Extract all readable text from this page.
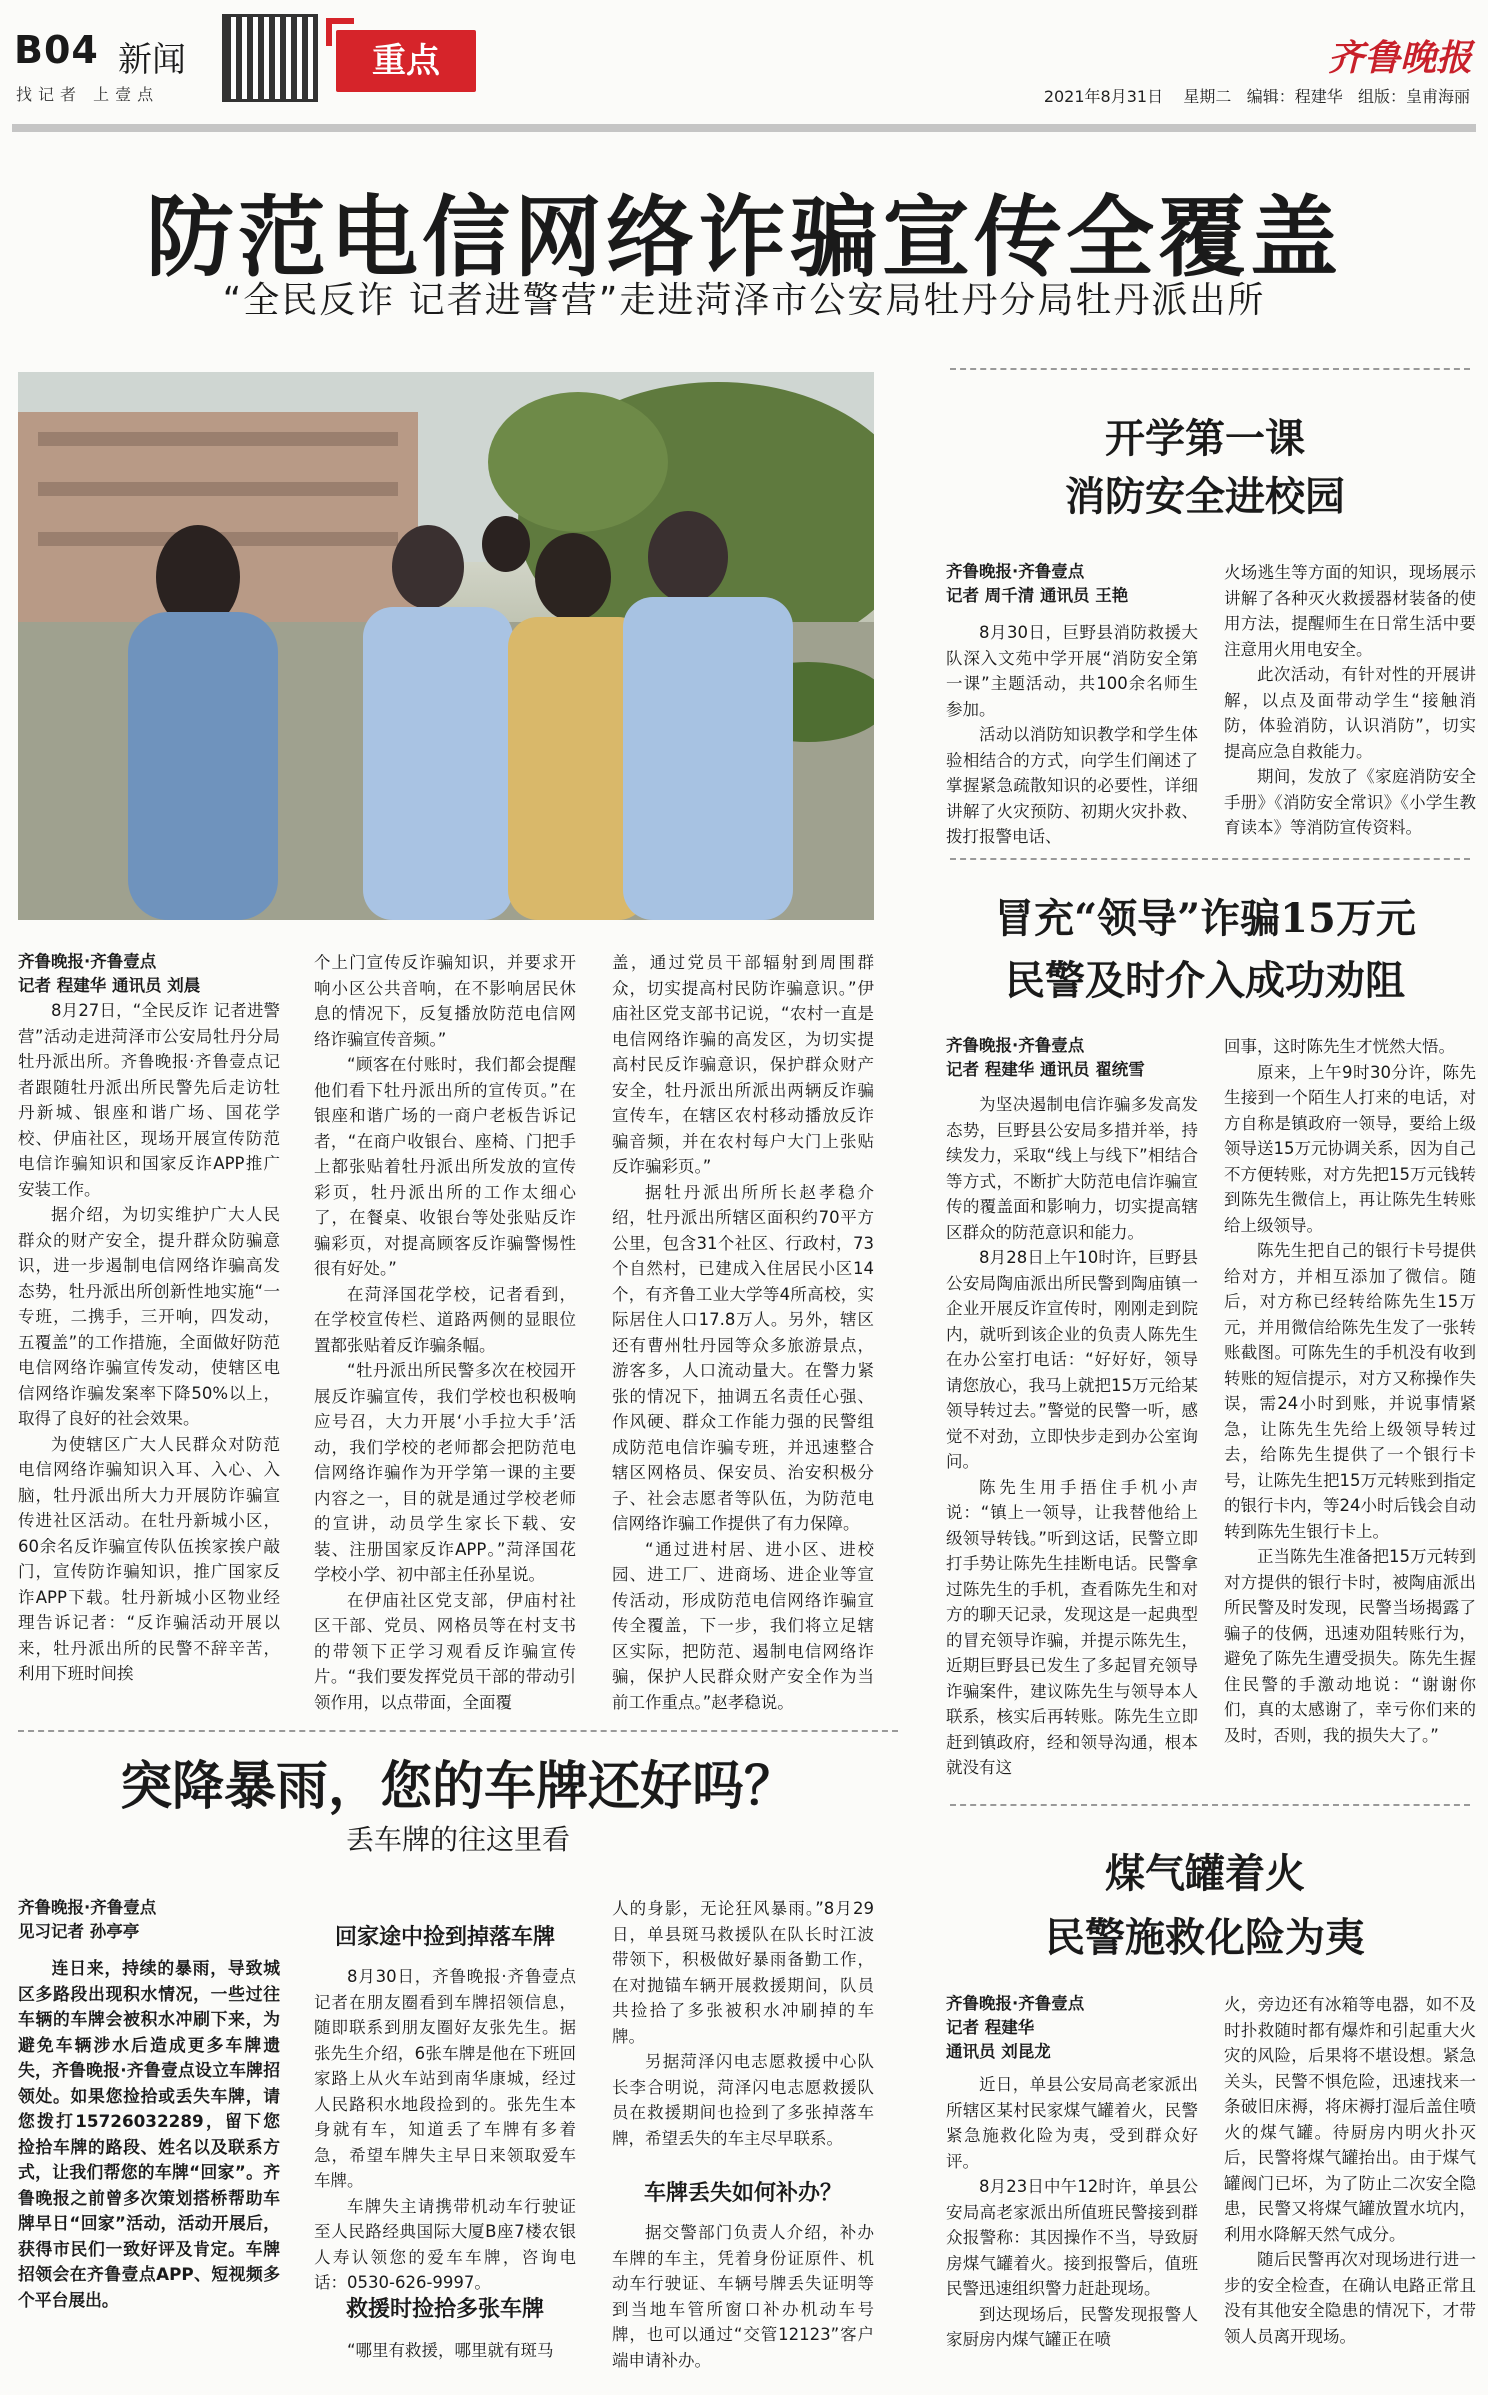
B04 新闻
找记者 上壹点
重点	齐鲁晚报
2021年8月31日 星期二 编辑：程建华 组版：皇甫海丽
防范电信网络诈骗宣传全覆盖
“全民反诈 记者进警营”走进菏泽市公安局牡丹分局牡丹派出所
齐鲁晚报·齐鲁壹点
记者 程建华 通讯员 刘晨

8月27日，“全民反诈 记者进警营”活动走进菏泽市公安局牡丹分局牡丹派出所。齐鲁晚报·齐鲁壹点记者跟随牡丹派出所民警先后走访牡丹新城、银座和谐广场、国花学校、伊庙社区，现场开展宣传防范电信诈骗知识和国家反诈APP推广安装工作。

据介绍，为切实维护广大人民群众的财产安全，提升群众防骗意识，进一步遏制电信网络诈骗高发态势，牡丹派出所创新性地实施“一专班，二携手，三开响，四发动，五覆盖”的工作措施，全面做好防范电信网络诈骗宣传发动，使辖区电信网络诈骗发案率下降50%以上，取得了良好的社会效果。

为使辖区广大人民群众对防范电信网络诈骗知识入耳、入心、入脑，牡丹派出所大力开展防诈骗宣传进社区活动。在牡丹新城小区，60余名反诈骗宣传队伍挨家挨户敲门，宣传防诈骗知识，推广国家反诈APP下载。牡丹新城小区物业经理告诉记者：“反诈骗活动开展以来，牡丹派出所的民警不辞辛苦，利用下班时间挨

个上门宣传反诈骗知识，并要求开响小区公共音响，在不影响居民休息的情况下，反复播放防范电信网络诈骗宣传音频。”

“顾客在付账时，我们都会提醒他们看下牡丹派出所的宣传页。”在银座和谐广场的一商户老板告诉记者，“在商户收银台、座椅、门把手上都张贴着牡丹派出所发放的宣传彩页，牡丹派出所的工作太细心了，在餐桌、收银台等处张贴反诈骗彩页，对提高顾客反诈骗警惕性很有好处。”

在菏泽国花学校，记者看到，在学校宣传栏、道路两侧的显眼位置都张贴着反诈骗条幅。

“牡丹派出所民警多次在校园开展反诈骗宣传，我们学校也积极响应号召，大力开展‘小手拉大手’活动，我们学校的老师都会把防范电信网络诈骗作为开学第一课的主要内容之一，目的就是通过学校老师的宣讲，动员学生家长下载、安装、注册国家反诈APP。”菏泽国花学校小学、初中部主任孙星说。

在伊庙社区党支部，伊庙村社区干部、党员、网格员等在村支书的带领下正学习观看反诈骗宣传片。“我们要发挥党员干部的带动引领作用，以点带面，全面覆

盖，通过党员干部辐射到周围群众，切实提高村民防诈骗意识。”伊庙社区党支部书记说，“农村一直是电信网络诈骗的高发区，为切实提高村民反诈骗意识，保护群众财产安全，牡丹派出所派出两辆反诈骗宣传车，在辖区农村移动播放反诈骗音频，并在农村每户大门上张贴反诈骗彩页。”

据牡丹派出所所长赵孝稳介绍，牡丹派出所辖区面积约70平方公里，包含31个社区、行政村，73个自然村，已建成入住居民小区14个，有齐鲁工业大学等4所高校，实际居住人口17.8万人。另外，辖区还有曹州牡丹园等众多旅游景点，游客多，人口流动量大。在警力紧张的情况下，抽调五名责任心强、作风硬、群众工作能力强的民警组成防范电信诈骗专班，并迅速整合辖区网格员、保安员、治安积极分子、社会志愿者等队伍，为防范电信网络诈骗工作提供了有力保障。

“通过进村居、进小区、进校园、进工厂、进商场、进企业等宣传活动，形成防范电信网络诈骗宣传全覆盖，下一步，我们将立足辖区实际，把防范、遏制电信网络诈骗，保护人民群众财产安全作为当前工作重点。”赵孝稳说。

开学第一课
消防安全进校园
齐鲁晚报·齐鲁壹点
记者 周千清 通讯员 王艳

8月30日，巨野县消防救援大队深入文苑中学开展“消防安全第一课”主题活动，共100余名师生参加。

活动以消防知识教学和学生体验相结合的方式，向学生们阐述了掌握紧急疏散知识的必要性，详细讲解了火灾预防、初期火灾扑救、拨打报警电话、

火场逃生等方面的知识，现场展示讲解了各种灭火救援器材装备的使用方法，提醒师生在日常生活中要注意用火用电安全。

此次活动，有针对性的开展讲解，以点及面带动学生“接触消防，体验消防，认识消防”，切实提高应急自救能力。

期间，发放了《家庭消防安全手册》《消防安全常识》《小学生教育读本》等消防宣传资料。

冒充“领导”诈骗15万元
民警及时介入成功劝阻
齐鲁晚报·齐鲁壹点
记者 程建华 通讯员 翟统雪

为坚决遏制电信诈骗多发高发态势，巨野县公安局多措并举，持续发力，采取“线上与线下”相结合等方式，不断扩大防范电信诈骗宣传的覆盖面和影响力，切实提高辖区群众的防范意识和能力。

8月28日上午10时许，巨野县公安局陶庙派出所民警到陶庙镇一企业开展反诈宣传时，刚刚走到院内，就听到该企业的负责人陈先生在办公室打电话：“好好好，领导请您放心，我马上就把15万元给某领导转过去。”警觉的民警一听，感觉不对劲，立即快步走到办公室询问。

陈先生用手捂住手机小声说：“镇上一领导，让我替他给上级领导转钱。”听到这话，民警立即打手势让陈先生挂断电话。民警拿过陈先生的手机，查看陈先生和对方的聊天记录，发现这是一起典型的冒充领导诈骗，并提示陈先生，近期巨野县已发生了多起冒充领导诈骗案件，建议陈先生与领导本人联系，核实后再转账。陈先生立即赶到镇政府，经和领导沟通，根本就没有这

回事，这时陈先生才恍然大悟。

原来，上午9时30分许，陈先生接到一个陌生人打来的电话，对方自称是镇政府一领导，要给上级领导送15万元协调关系，因为自己不方便转账，对方先把15万元钱转到陈先生微信上，再让陈先生转账给上级领导。

陈先生把自己的银行卡号提供给对方，并相互添加了微信。随后，对方称已经转给陈先生15万元，并用微信给陈先生发了一张转账截图。可陈先生的手机没有收到转账的短信提示，对方又称操作失误，需24小时到账，并说事情紧急，让陈先生先给上级领导转过去，给陈先生提供了一个银行卡号，让陈先生把15万元转账到指定的银行卡内，等24小时后钱会自动转到陈先生银行卡上。

正当陈先生准备把15万元转到对方提供的银行卡时，被陶庙派出所民警及时发现，民警当场揭露了骗子的伎俩，迅速劝阻转账行为，避免了陈先生遭受损失。陈先生握住民警的手激动地说：“谢谢你们，真的太感谢了，幸亏你们来的及时，否则，我的损失大了。”

突降暴雨，您的车牌还好吗？
丢车牌的往这里看
齐鲁晚报·齐鲁壹点
见习记者 孙亭亭

连日来，持续的暴雨，导致城区多路段出现积水情况，一些过往车辆的车牌会被积水冲刷下来，为避免车辆涉水后造成更多车牌遗失，齐鲁晚报·齐鲁壹点设立车牌招领处。如果您捡拾或丢失车牌，请您拨打15726032289，留下您捡拾车牌的路段、姓名以及联系方式，让我们帮您的车牌“回家”。齐鲁晚报之前曾多次策划搭桥帮助车牌早日“回家”活动，活动开展后，获得市民们一致好评及肯定。车牌招领会在齐鲁壹点APP、短视频多个平台展出。

回家途中捡到掉落车牌

8月30日，齐鲁晚报·齐鲁壹点记者在朋友圈看到车牌招领信息，随即联系到朋友圈好友张先生。据张先生介绍，6张车牌是他在下班回家路上从火车站到南华康城，经过人民路积水地段捡到的。张先生本身就有车，知道丢了车牌有多着急，希望车牌失主早日来领取爱车车牌。

车牌失主请携带机动车行驶证至人民路经典国际大厦B座7楼农银人寿认领您的爱车车牌，咨询电话：0530-626-9997。

救援时捡拾多张车牌

“哪里有救援，哪里就有斑马

人的身影，无论狂风暴雨。”8月29日，单县斑马救援队在队长时江波带领下，积极做好暴雨备勤工作，在对抛锚车辆开展救援期间，队员共捡拾了多张被积水冲刷掉的车牌。

另据菏泽闪电志愿救援中心队长李合明说，菏泽闪电志愿救援队员在救援期间也捡到了多张掉落车牌，希望丢失的车主尽早联系。

车牌丢失如何补办？

据交警部门负责人介绍，补办车牌的车主，凭着身份证原件、机动车行驶证、车辆号牌丢失证明等到当地车管所窗口补办机动车号牌，也可以通过“交管12123”客户端申请补办。

煤气罐着火
民警施救化险为夷
齐鲁晚报·齐鲁壹点
记者 程建华
通讯员 刘昆龙

近日，单县公安局高老家派出所辖区某村民家煤气罐着火，民警紧急施救化险为夷，受到群众好评。

8月23日中午12时许，单县公安局高老家派出所值班民警接到群众报警称：其因操作不当，导致厨房煤气罐着火。接到报警后，值班民警迅速组织警力赶赴现场。

到达现场后，民警发现报警人家厨房内煤气罐正在喷

火，旁边还有冰箱等电器，如不及时扑救随时都有爆炸和引起重大火灾的风险，后果将不堪设想。紧急关头，民警不惧危险，迅速找来一条破旧床褥，将床褥打湿后盖住喷火的煤气罐。待厨房内明火扑灭后，民警将煤气罐抬出。由于煤气罐阀门已坏，为了防止二次安全隐患，民警又将煤气罐放置水坑内，利用水降解天然气成分。

随后民警再次对现场进行进一步的安全检查，在确认电路正常且没有其他安全隐患的情况下，才带领人员离开现场。
